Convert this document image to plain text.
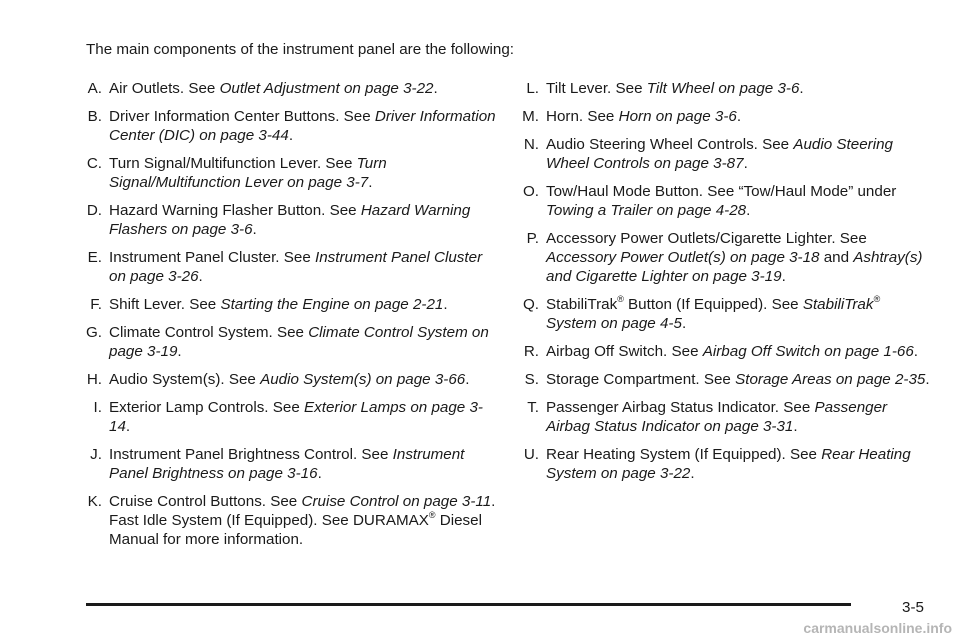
The main components of the instrument panel are the following:

A. Air Outlets. See Outlet Adjustment on page 3-22.
B. Driver Information Center Buttons. See Driver Information Center (DIC) on page 3-44.
C. Turn Signal/Multifunction Lever. See Turn Signal/Multifunction Lever on page 3-7.
D. Hazard Warning Flasher Button. See Hazard Warning Flashers on page 3-6.
E. Instrument Panel Cluster. See Instrument Panel Cluster on page 3-26.
F. Shift Lever. See Starting the Engine on page 2-21.
G. Climate Control System. See Climate Control System on page 3-19.
H. Audio System(s). See Audio System(s) on page 3-66.
I. Exterior Lamp Controls. See Exterior Lamps on page 3-14.
J. Instrument Panel Brightness Control. See Instrument Panel Brightness on page 3-16.
K. Cruise Control Buttons. See Cruise Control on page 3-11. Fast Idle System (If Equipped). See DURAMAX® Diesel Manual for more information.
L. Tilt Lever. See Tilt Wheel on page 3-6.
M. Horn. See Horn on page 3-6.
N. Audio Steering Wheel Controls. See Audio Steering Wheel Controls on page 3-87.
O. Tow/Haul Mode Button. See “Tow/Haul Mode” under Towing a Trailer on page 4-28.
P. Accessory Power Outlets/Cigarette Lighter. See Accessory Power Outlet(s) on page 3-18 and Ashtray(s) and Cigarette Lighter on page 3-19.
Q. StabiliTrak® Button (If Equipped). See StabiliTrak® System on page 4-5.
R. Airbag Off Switch. See Airbag Off Switch on page 1-66.
S. Storage Compartment. See Storage Areas on page 2-35.
T. Passenger Airbag Status Indicator. See Passenger Airbag Status Indicator on page 3-31.
U. Rear Heating System (If Equipped). See Rear Heating System on page 3-22.
3-5
carmanualsonline.info
